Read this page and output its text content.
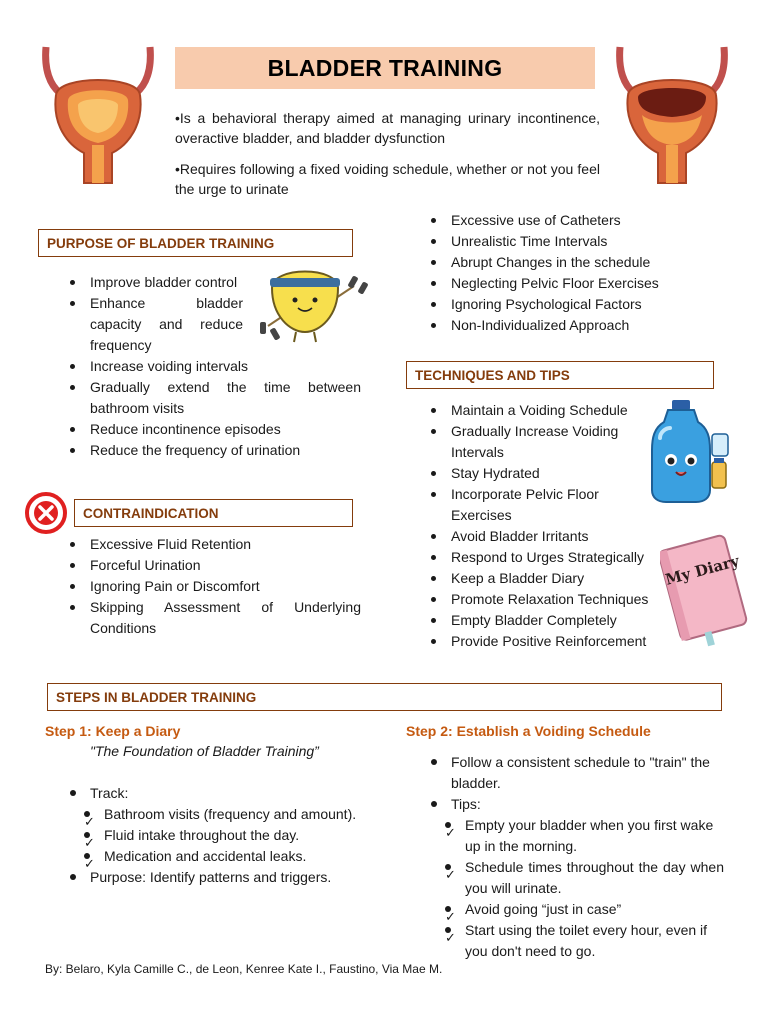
BLADDER TRAINING
•Is a behavioral therapy aimed at managing urinary incontinence, overactive bladder, and bladder dysfunction
•Requires following a fixed voiding schedule, whether or not you feel the urge to urinate
PURPOSE OF BLADDER TRAINING
Improve bladder control
Enhance bladder capacity and reduce frequency
Increase voiding intervals
Gradually extend the time between bathroom visits
Reduce incontinence episodes
Reduce the frequency of urination
CONTRAINDICATION
Excessive Fluid Retention
Forceful Urination
Ignoring Pain or Discomfort
Skipping Assessment of Underlying Conditions
Excessive use of Catheters
Unrealistic Time Intervals
Abrupt Changes in the schedule
Neglecting Pelvic Floor Exercises
Ignoring Psychological Factors
Non-Individualized Approach
TECHNIQUES AND TIPS
Maintain a Voiding Schedule
Gradually Increase Voiding Intervals
Stay Hydrated
Incorporate Pelvic Floor Exercises
Avoid Bladder Irritants
Respond to Urges Strategically
Keep a Bladder Diary
Promote Relaxation Techniques
Empty Bladder Completely
Provide Positive Reinforcement
My Diary
STEPS IN BLADDER TRAINING
Step 1: Keep a Diary
"The Foundation of Bladder Training”
Track:
✓ Bathroom visits (frequency and amount).
✓ Fluid intake throughout the day.
✓ Medication and accidental leaks.
Purpose: Identify patterns and triggers.
Step 2: Establish a Voiding Schedule
Follow a consistent schedule to "train" the bladder.
Tips:
✓ Empty your bladder when you first wake up in the morning.
✓ Schedule times throughout the day when you will urinate.
✓ Avoid going “just in case”
✓ Start using the toilet every hour, even if you don't need to go.
By: Belaro, Kyla Camille C., de Leon, Kenree Kate I., Faustino, Via Mae M.
